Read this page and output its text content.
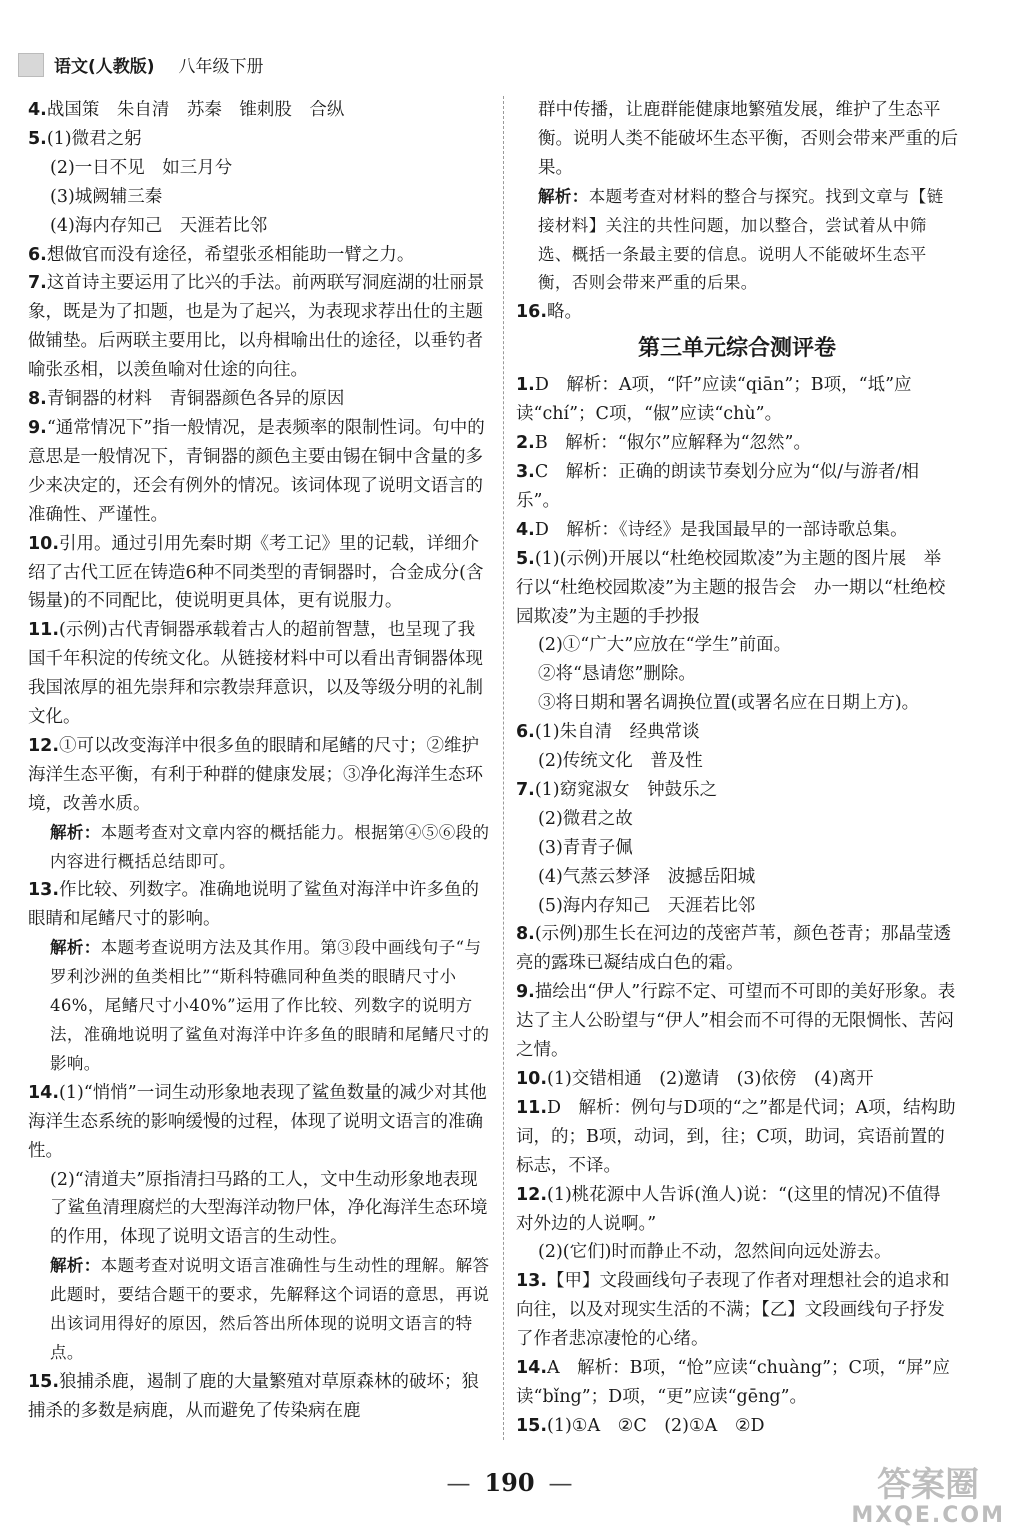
语文(人教版) 八年级下册
4.战国策　朱自清　苏秦　锥刺股　合纵
5.(1)微君之躬
(2)一日不见　如三月兮
(3)城阙辅三秦
(4)海内存知己　天涯若比邻
6.想做官而没有途径，希望张丞相能助一臂之力。
7.这首诗主要运用了比兴的手法。前两联写洞庭湖的壮丽景象，既是为了扣题，也是为了起兴，为表现求荐出仕的主题做铺垫。后两联主要用比，以舟楫喻出仕的途径，以垂钓者喻张丞相，以羡鱼喻对仕途的向往。
8.青铜器的材料　青铜器颜色各异的原因
9.“通常情况下”指一般情况，是表频率的限制性词。句中的意思是一般情况下，青铜器的颜色主要由锡在铜中含量的多少来决定的，还会有例外的情况。该词体现了说明文语言的准确性、严谨性。
10.引用。通过引用先秦时期《考工记》里的记载，详细介绍了古代工匠在铸造6种不同类型的青铜器时，合金成分(含锡量)的不同配比，使说明更具体，更有说服力。
11.(示例)古代青铜器承载着古人的超前智慧，也呈现了我国千年积淀的传统文化。从链接材料中可以看出青铜器体现我国浓厚的祖先崇拜和宗教崇拜意识，以及等级分明的礼制文化。
12.①可以改变海洋中很多鱼的眼睛和尾鳍的尺寸；②维护海洋生态平衡，有利于种群的健康发展；③净化海洋生态环境，改善水质。
解析：本题考查对文章内容的概括能力。根据第④⑤⑥段的内容进行概括总结即可。
13.作比较、列数字。准确地说明了鲨鱼对海洋中许多鱼的眼睛和尾鳍尺寸的影响。
解析：本题考查说明方法及其作用。第③段中画线句子“与罗利沙洲的鱼类相比”“斯科特礁同种鱼类的眼睛尺寸小46%，尾鳍尺寸小40%”运用了作比较、列数字的说明方法，准确地说明了鲨鱼对海洋中许多鱼的眼睛和尾鳍尺寸的影响。
14.(1)“悄悄”一词生动形象地表现了鲨鱼数量的减少对其他海洋生态系统的影响缓慢的过程，体现了说明文语言的准确性。
(2)“清道夫”原指清扫马路的工人，文中生动形象地表现了鲨鱼清理腐烂的大型海洋动物尸体，净化海洋生态环境的作用，体现了说明文语言的生动性。
解析：本题考查对说明文语言准确性与生动性的理解。解答此题时，要结合题干的要求，先解释这个词语的意思，再说出该词用得好的原因，然后答出所体现的说明文语言的特点。
15.狼捕杀鹿，遏制了鹿的大量繁殖对草原森林的破坏；狼捕杀的多数是病鹿，从而避免了传染病在鹿
群中传播，让鹿群能健康地繁殖发展，维护了生态平衡。说明人类不能破坏生态平衡，否则会带来严重的后果。
解析：本题考查对材料的整合与探究。找到文章与【链接材料】关注的共性问题，加以整合，尝试着从中筛选、概括一条最主要的信息。说明人不能破坏生态平衡，否则会带来严重的后果。
16.略。
第三单元综合测评卷
1.D　解析：A项，“阡”应读“qiān”；B项，“坻”应读“chí”；C项，“俶”应读“chù”。
2.B　解析：“俶尔”应解释为“忽然”。
3.C　解析：正确的朗读节奏划分应为“似/与游者/相乐”。
4.D　解析：《诗经》是我国最早的一部诗歌总集。
5.(1)(示例)开展以“杜绝校园欺凌”为主题的图片展　举行以“杜绝校园欺凌”为主题的报告会　办一期以“杜绝校园欺凌”为主题的手抄报
(2)①“广大”应放在“学生”前面。
②将“恳请您”删除。
③将日期和署名调换位置(或署名应在日期上方)。
6.(1)朱自清　经典常谈
(2)传统文化　普及性
7.(1)窈窕淑女　钟鼓乐之
(2)微君之故
(3)青青子佩
(4)气蒸云梦泽　波撼岳阳城
(5)海内存知己　天涯若比邻
8.(示例)那生长在河边的茂密芦苇，颜色苍青；那晶莹透亮的露珠已凝结成白色的霜。
9.描绘出“伊人”行踪不定、可望而不可即的美好形象。表达了主人公盼望与“伊人”相会而不可得的无限惆怅、苦闷之情。
10.(1)交错相通　(2)邀请　(3)依傍　(4)离开
11.D　解析：例句与D项的“之”都是代词；A项，结构助词，的；B项，动词，到，往；C项，助词，宾语前置的标志，不译。
12.(1)桃花源中人告诉(渔人)说：“(这里的情况)不值得对外边的人说啊。”
(2)(它们)时而静止不动，忽然间向远处游去。
13.【甲】文段画线句子表现了作者对理想社会的追求和向往，以及对现实生活的不满；【乙】文段画线句子抒发了作者悲凉凄怆的心绪。
14.A　解析：B项，“怆”应读“chuàng”；C项，“屏”应读“bǐng”；D项，“更”应读“gēng”。
15.(1)①A　②C　(2)①A　②D
— 190 —	答案圈
MXQE.COM
